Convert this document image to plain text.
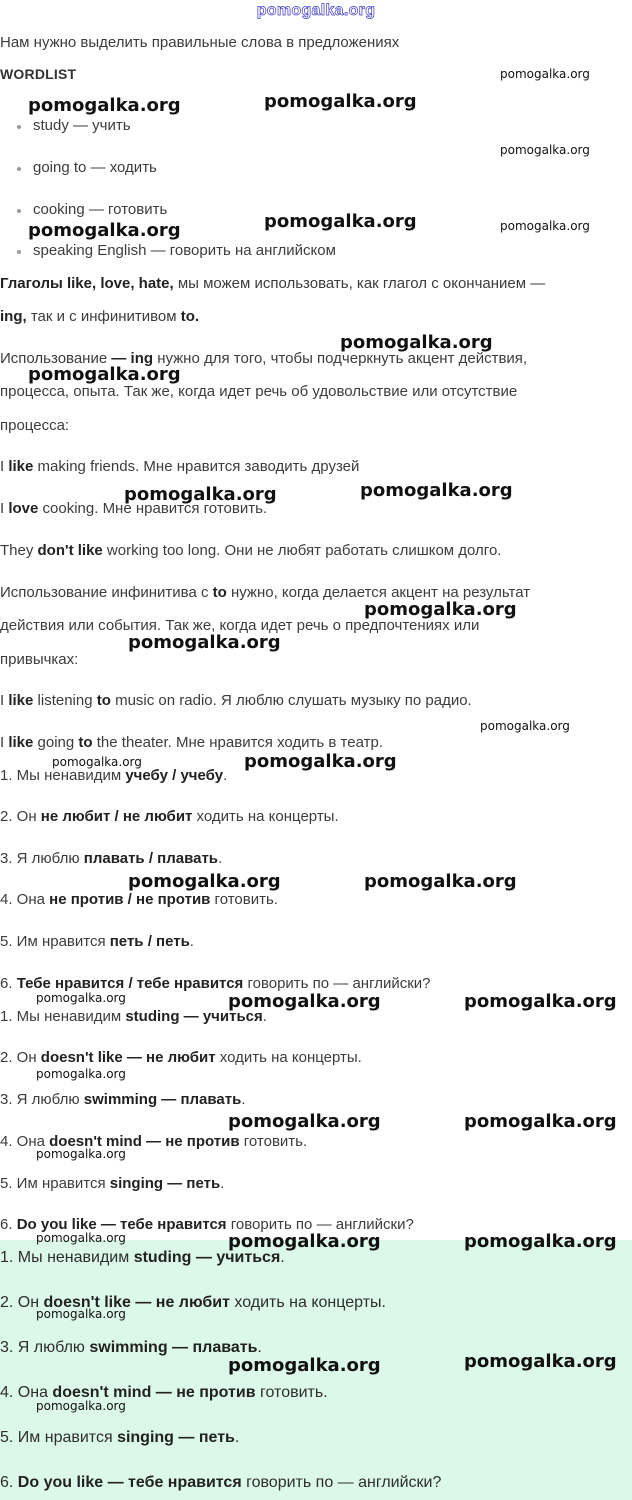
pomogalka.org
Нам нужно выделить правильные слова в предложениях
WORDLIST
study — учить
going to — ходить
cooking — готовить
speaking English — говорить на английском
Глаголы like, love, hate, мы можем использовать, как глагол с окончанием —
ing, так и с инфинитивом to.
Использование — ing нужно для того, чтобы подчеркнуть акцент действия,
процесса, опыта. Так же, когда идет речь об удовольствие или отсутствие
процесса:
I like making friends. Мне нравится заводить друзей
I love cooking. Мне нравится готовить.
They don't like working too long. Они не любят работать слишком долго.
Использование инфинитива с to нужно, когда делается акцент на результат
действия или события. Так же, когда идет речь о предпочтениях или
привычках:
I like listening to music on radio. Я люблю слушать музыку по радио.
I like going to the theater. Мне нравится ходить в театр.
1. Мы ненавидим учебу / учебу.
2. Он не любит / не любит ходить на концерты.
3. Я люблю плавать / плавать.
4. Она не против / не против готовить.
5. Им нравится петь / петь.
6. Тебе нравится / тебе нравится говорить по — английски?
1. Мы ненавидим studing — учиться.
2. Он doesn't like — не любит ходить на концерты.
3. Я люблю swimming — плавать.
4. Она doesn't mind — не против готовить.
5. Им нравится singing — петь.
6. Do you like — тебе нравится говорить по — английски?
1. Мы ненавидим studing — учиться.
2. Он doesn't like — не любит ходить на концерты.
3. Я люблю swimming — плавать.
4. Она doesn't mind — не против готовить.
5. Им нравится singing — петь.
6. Do you like — тебе нравится говорить по — английски?
pomogalka.org
pomogalka.org	pomogalka.org
pomogalka.org
pomogalka.org	pomogalka.org	pomogalka.org
pomogalka.org
pomogalka.org
pomogalka.org	pomogalka.org
pomogalka.org
pomogalka.org
pomogalka.org
pomogalka.org
pomogalka.org
pomogalka.org	pomogalka.org
pomogalka.org	pomogalka.org	pomogalka.org
pomogalka.org
pomogalka.org	pomogalka.org
pomogalka.org
pomogalka.org	pomogalka.org	pomogalka.org
pomogalka.org
pomogalka.org	pomogalka.org
pomogalka.org
